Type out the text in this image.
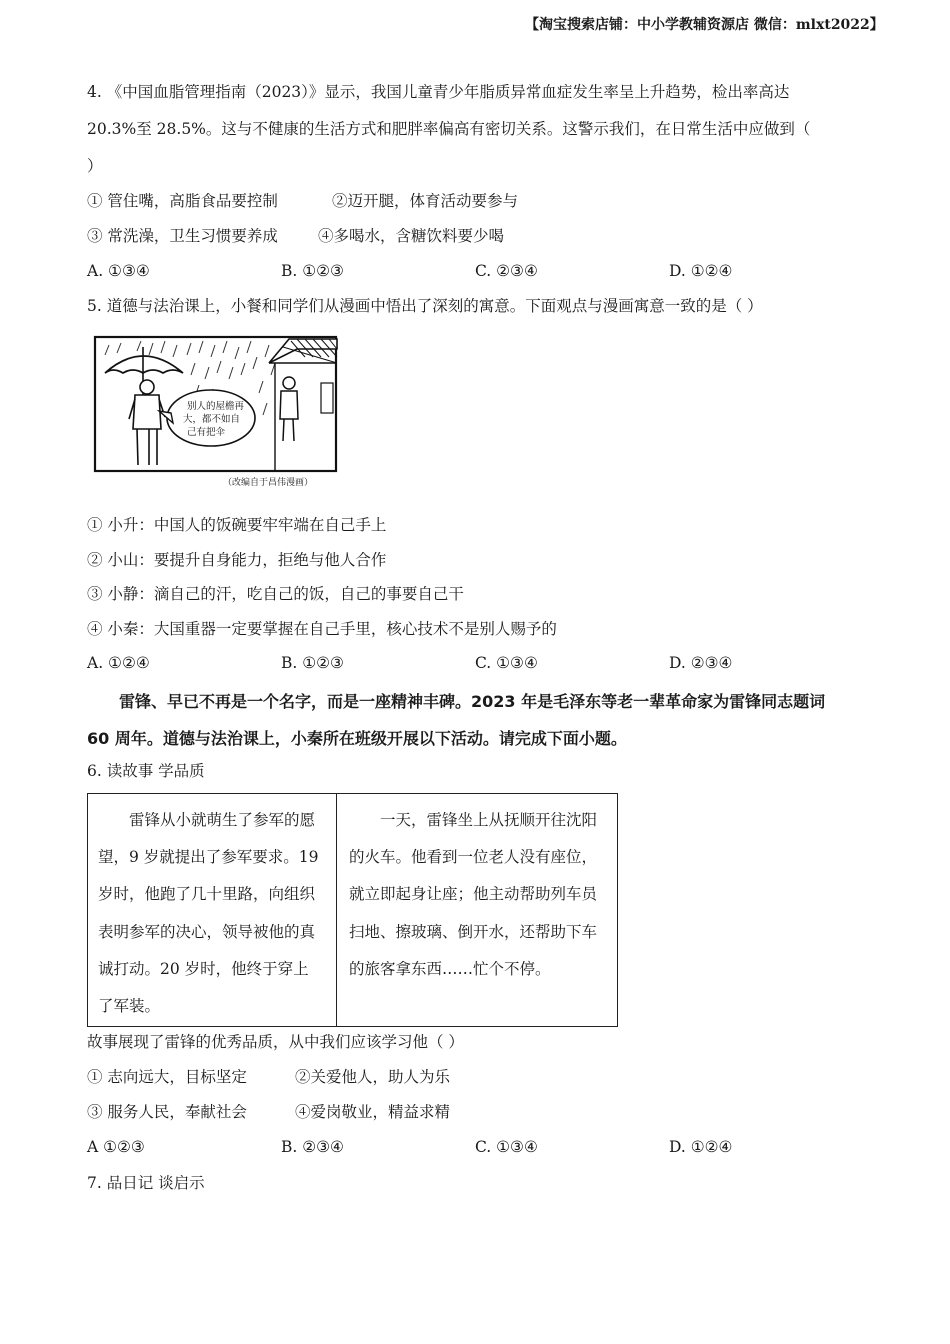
【淘宝搜索店铺：中小学教辅资源店 微信：mlxt2022】
4. 《中国血脂管理指南（2023）》显示，我国儿童青少年脂质异常血症发生率呈上升趋势，检出率高达
20.3%至 28.5%。这与不健康的生活方式和肥胖率偏高有密切关系。这警示我们，在日常生活中应做到（
）
① 管住嘴，高脂食品要控制	②迈开腿，体育活动要参与
③ 常洗澡，卫生习惯要养成	④多喝水，含糖饮料要少喝
A. ①③④	B. ①②③	C. ②③④	D. ①②④
5. 道德与法治课上，小餐和同学们从漫画中悟出了深刻的寓意。下面观点与漫画寓意一致的是（ ）
别人的屋檐再
大，都不如自
己有把伞
（改编自于昌伟漫画）
① 小升：中国人的饭碗要牢牢端在自己手上
② 小山：要提升自身能力，拒绝与他人合作
③ 小静：滴自己的汗，吃自己的饭，自己的事要自己干
④ 小秦：大国重器一定要掌握在自己手里，核心技术不是别人赐予的
A. ①②④	B. ①②③	C. ①③④	D. ②③④
雷锋、早已不再是一个名字，而是一座精神丰碑。2023 年是毛泽东等老一辈革命家为雷锋同志题词
60 周年。道德与法治课上，小秦所在班级开展以下活动。请完成下面小题。
6. 读故事 学品质
雷锋从小就萌生了参军的愿望，9 岁就提出了参军要求。19 岁时，他跑了几十里路，向组织表明参军的决心，领导被他的真诚打动。20 岁时，他终于穿上了军装。
一天，雷锋坐上从抚顺开往沈阳的火车。他看到一位老人没有座位，就立即起身让座；他主动帮助列车员扫地、擦玻璃、倒开水，还帮助下车的旅客拿东西……忙个不停。
故事展现了雷锋的优秀品质，从中我们应该学习他（ ）
① 志向远大，目标坚定	②关爱他人，助人为乐
③ 服务人民，奉献社会	④爱岗敬业，精益求精
A ①②③	B. ②③④	C. ①③④	D. ①②④
7. 品日记 谈启示
